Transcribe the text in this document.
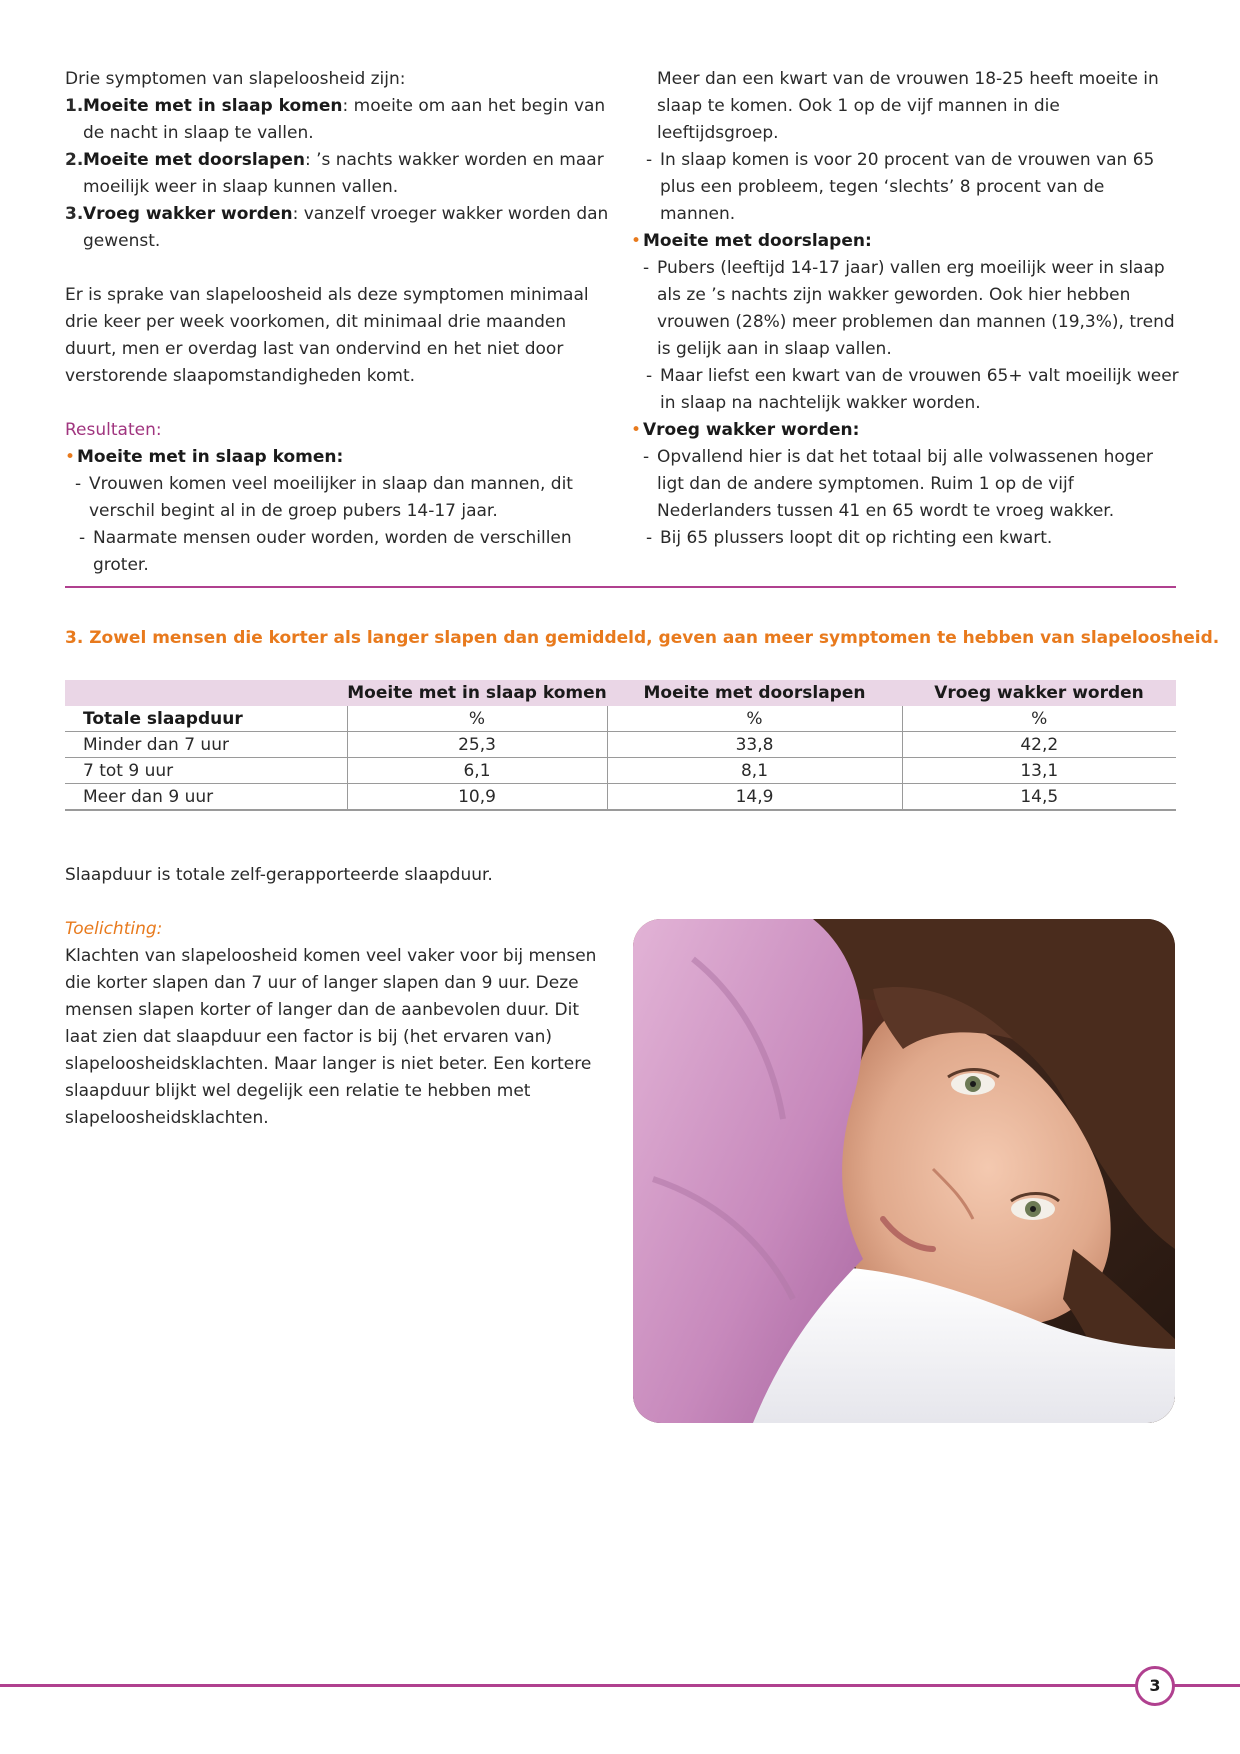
Drie symptomen van slapeloosheid zijn:

1. Moeite met in slaap komen: moeite om aan het begin van de nacht in slaap te vallen.
2. Moeite met doorslapen: ’s nachts wakker worden en maar moeilijk weer in slaap kunnen vallen.
3. Vroeg wakker worden: vanzelf vroeger wakker worden dan gewenst.

Er is sprake van slapeloosheid als deze symptomen minimaal drie keer per week voorkomen, dit minimaal drie maanden duurt, men er overdag last van ondervind en het niet door verstorende slaapomstandigheden komt.

Resultaten:

• Moeite met in slaap komen:
- Vrouwen komen veel moeilijker in slaap dan mannen, dit verschil begint al in de groep pubers 14-17 jaar.
- Naarmate mensen ouder worden, worden de verschillen groter.

Meer dan een kwart van de vrouwen 18-25 heeft moeite in slaap te komen. Ook 1 op de vijf mannen in die leeftijdsgroep.

- In slaap komen is voor 20 procent van de vrouwen van 65 plus een probleem, tegen ‘slechts’ 8 procent van de mannen.
• Moeite met doorslapen:
- Pubers (leeftijd 14-17 jaar) vallen erg moeilijk weer in slaap als ze ’s nachts zijn wakker geworden. Ook hier hebben vrouwen (28%) meer problemen dan mannen (19,3%), trend is gelijk aan in slaap vallen.
- Maar liefst een kwart van de vrouwen 65+ valt moeilijk weer in slaap na nachtelijk wakker worden.
• Vroeg wakker worden:
- Opvallend hier is dat het totaal bij alle volwassenen hoger ligt dan de andere symptomen. Ruim 1 op de vijf Nederlanders tussen 41 en 65 wordt te vroeg wakker.
- Bij 65 plussers loopt dit op richting een kwart.
3. Zowel mensen die korter als langer slapen dan gemiddeld, geven aan meer symptomen te hebben van slapeloosheid.
	Moeite met in slaap komen	Moeite met doorslapen	Vroeg wakker worden
Totale slaapduur	%	%	%
Minder dan 7 uur	25,3	33,8	42,2
7 tot 9 uur	6,1	8,1	13,1
Meer dan 9 uur	10,9	14,9	14,5
Slaapduur is totale zelf-gerapporteerde slaapduur.

Toelichting:

Klachten van slapeloosheid komen veel vaker voor bij mensen die korter slapen dan 7 uur of langer slapen dan 9 uur. Deze mensen slapen korter of langer dan de aanbevolen duur. Dit laat zien dat slaapduur een factor is bij (het ervaren van) slapeloosheidsklachten. Maar langer is niet beter. Een kortere slaapduur blijkt wel degelijk een relatie te hebben met slapeloosheidsklachten.

3
